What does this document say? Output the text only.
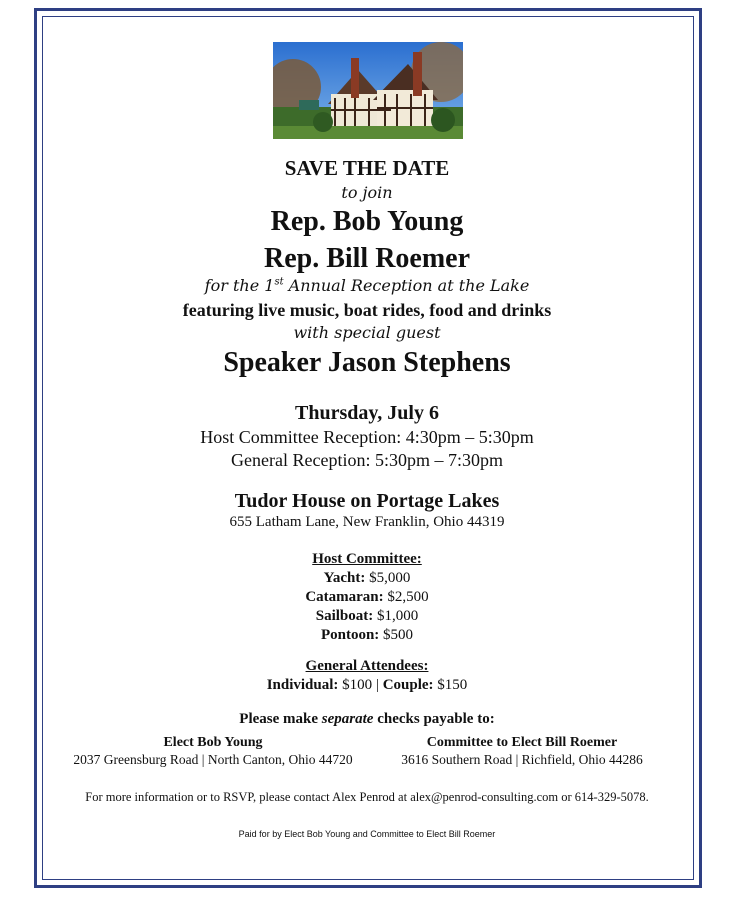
SAVE THE DATE
to join
Rep. Bob Young
Rep. Bill Roemer
for the 1st Annual Reception at the Lake
featuring live music, boat rides, food and drinks
with special guest
Speaker Jason Stephens
Thursday, July 6
Host Committee Reception: 4:30pm – 5:30pm
General Reception: 5:30pm – 7:30pm
Tudor House on Portage Lakes
655 Latham Lane, New Franklin, Ohio 44319
Host Committee:
Yacht: $5,000
Catamaran: $2,500
Sailboat: $1,000
Pontoon: $500
General Attendees:
Individual: $100 | Couple: $150
Please make separate checks payable to:
Elect Bob Young
2037 Greensburg Road | North Canton, Ohio 44720
Committee to Elect Bill Roemer
3616 Southern Road | Richfield, Ohio 44286
For more information or to RSVP, please contact Alex Penrod at alex@penrod-consulting.com or 614-329-5078.
Paid for by Elect Bob Young and Committee to Elect Bill Roemer
